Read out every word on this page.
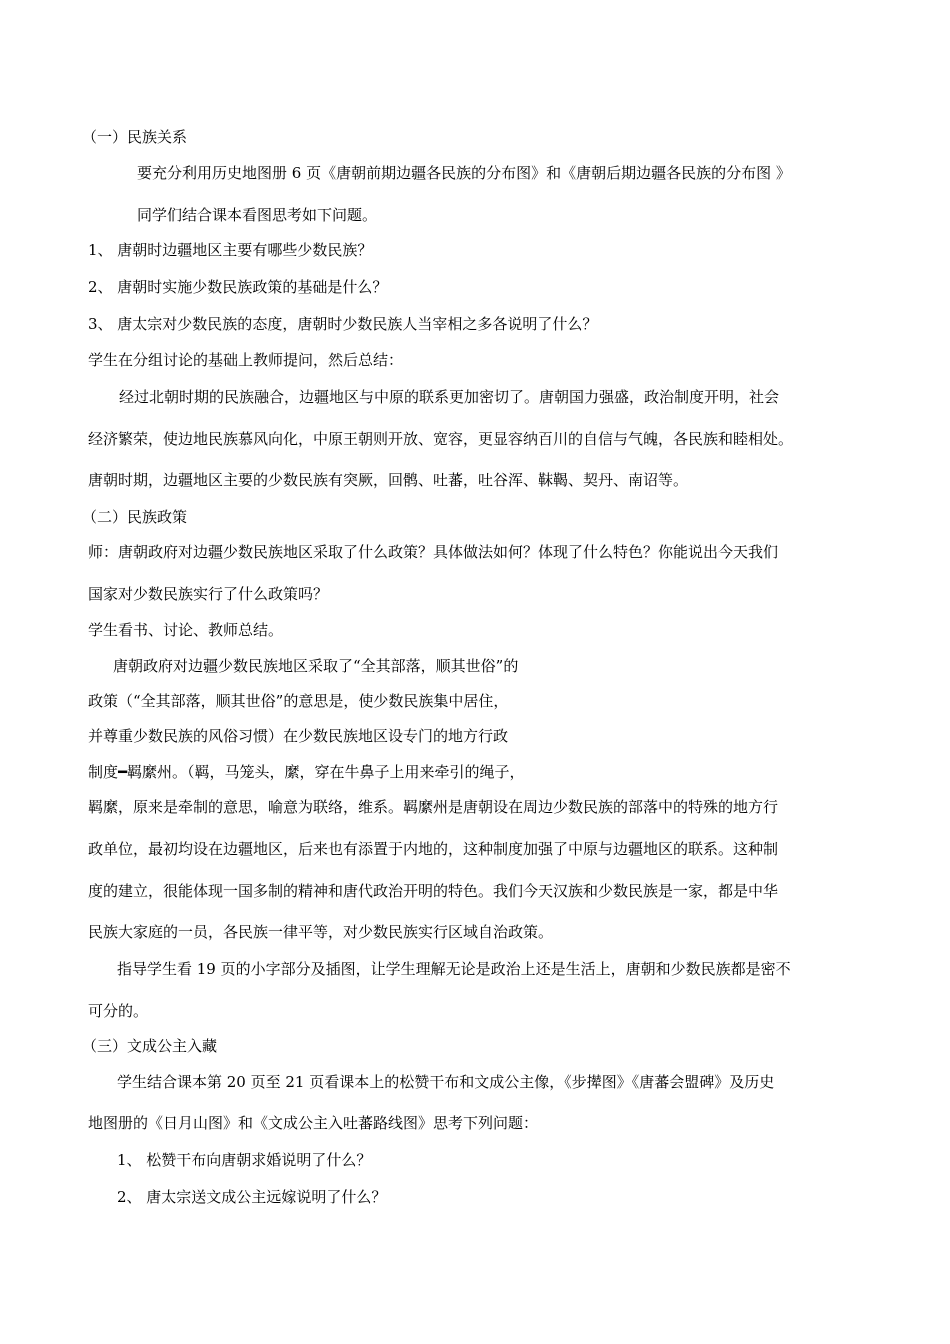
（一）民族关系
要充分利用历史地图册 6 页《唐朝前期边疆各民族的分布图》和《唐朝后期边疆各民族的分布图 》
同学们结合课本看图思考如下问题。
1、 唐朝时边疆地区主要有哪些少数民族？
2、 唐朝时实施少数民族政策的基础是什么？
3、 唐太宗对少数民族的态度，唐朝时少数民族人当宰相之多各说明了什么？
学生在分组讨论的基础上教师提问，然后总结：
经过北朝时期的民族融合，边疆地区与中原的联系更加密切了。唐朝国力强盛，政治制度开明，社会
经济繁荣，使边地民族慕风向化，中原王朝则开放、宽容，更显容纳百川的自信与气魄，各民族和睦相处。
唐朝时期，边疆地区主要的少数民族有突厥，回鹘、吐蕃，吐谷浑、靺鞨、契丹、南诏等。
（二）民族政策
师：唐朝政府对边疆少数民族地区采取了什么政策？具体做法如何？体现了什么特色？你能说出今天我们
国家对少数民族实行了什么政策吗？
学生看书、讨论、教师总结。
唐朝政府对边疆少数民族地区采取了“全其部落，顺其世俗”的
政策（“全其部落，顺其世俗”的意思是，使少数民族集中居住，
并尊重少数民族的风俗习惯）在少数民族地区设专门的地方行政
制度━羁縻州。（羁，马笼头，縻，穿在牛鼻子上用来牵引的绳子，
羁縻，原来是牵制的意思，喻意为联络，维系。羁縻州是唐朝设在周边少数民族的部落中的特殊的地方行
政单位，最初均设在边疆地区，后来也有添置于内地的，这种制度加强了中原与边疆地区的联系。这种制
度的建立，很能体现一国多制的精神和唐代政治开明的特色。我们今天汉族和少数民族是一家，都是中华
民族大家庭的一员，各民族一律平等，对少数民族实行区域自治政策。
指导学生看 19 页的小字部分及插图，让学生理解无论是政治上还是生活上，唐朝和少数民族都是密不
可分的。
（三）文成公主入藏
学生结合课本第 20 页至 21 页看课本上的松赞干布和文成公主像，《步撵图》《唐蕃会盟碑》及历史
地图册的《日月山图》和《文成公主入吐蕃路线图》思考下列问题：
1、 松赞干布向唐朝求婚说明了什么？
2、 唐太宗送文成公主远嫁说明了什么？
